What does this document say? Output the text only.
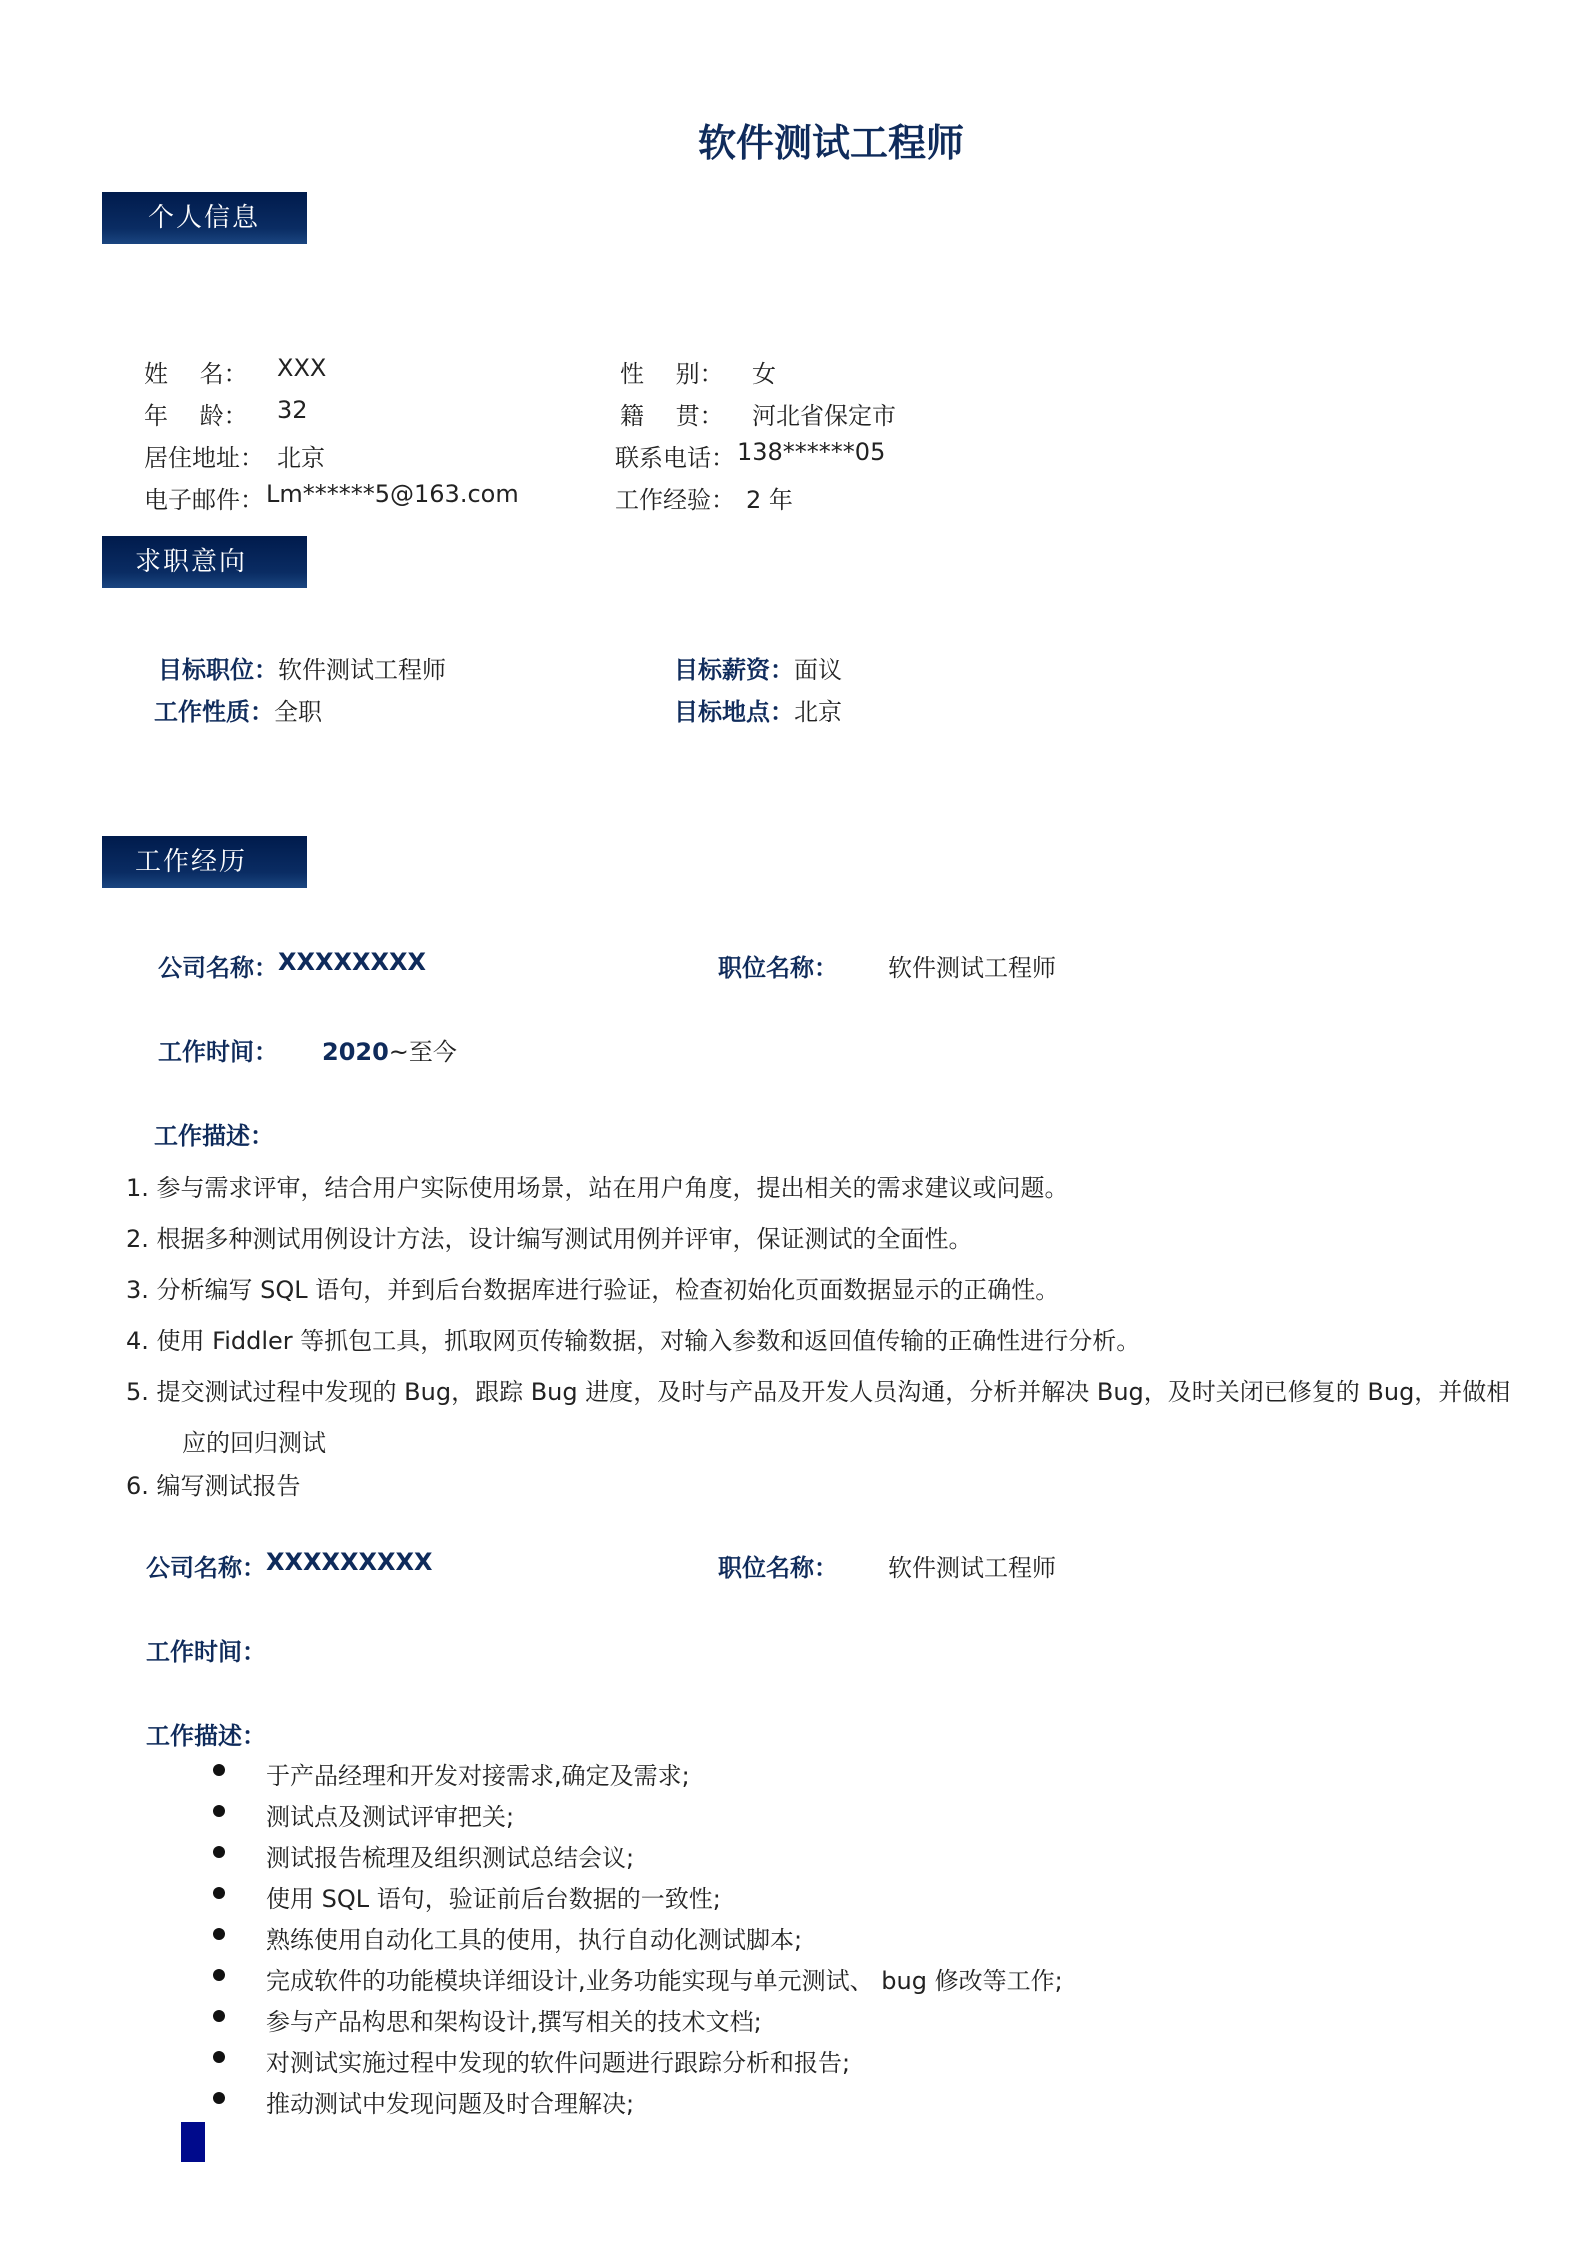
软件测试工程师
个人信息
姓　 名： XXX	性　 别： 女
年　 龄： 32	籍　 贯： 河北省保定市
居住地址： 北京	联系电话： 138******05
电子邮件： Lm******5@163.com	工作经验： 2 年
求职意向
目标职位： 软件测试工程师	目标薪资： 面议
工作性质： 全职	目标地点： 北京
工作经历
公司名称： XXXXXXXX	职位名称： 软件测试工程师
工作时间： 2020~至今
工作描述：
1. 参与需求评审，结合用户实际使用场景，站在用户角度，提出相关的需求建议或问题。
2. 根据多种测试用例设计方法，设计编写测试用例并评审，保证测试的全面性。
3. 分析编写 SQL 语句，并到后台数据库进行验证，检查初始化页面数据显示的正确性。
4. 使用 Fiddler 等抓包工具，抓取网页传输数据，对输入参数和返回值传输的正确性进行分析。
5. 提交测试过程中发现的 Bug，跟踪 Bug 进度，及时与产品及开发人员沟通，分析并解决 Bug，及时关闭已修复的 Bug，并做相
应的回归测试
6. 编写测试报告
公司名称： XXXXXXXXX	职位名称： 软件测试工程师
工作时间：
工作描述：
于产品经理和开发对接需求,确定及需求;
测试点及测试评审把关;
测试报告梳理及组织测试总结会议;
使用 SQL 语句，验证前后台数据的一致性;
熟练使用自动化工具的使用，执行自动化测试脚本;
完成软件的功能模块详细设计,业务功能实现与单元测试、 bug 修改等工作;
参与产品构思和架构设计,撰写相关的技术文档;
对测试实施过程中发现的软件问题进行跟踪分析和报告;
推动测试中发现问题及时合理解决;
